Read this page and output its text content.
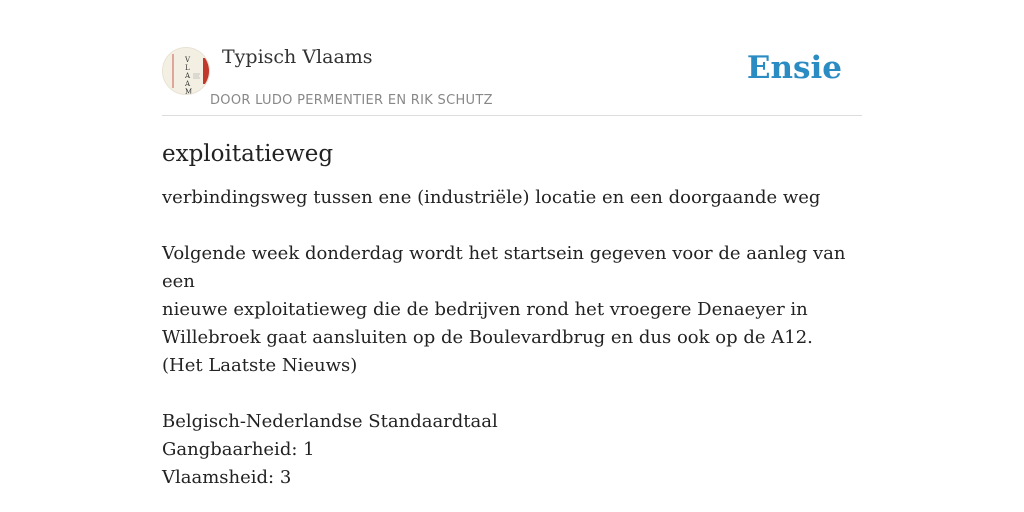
V
L
A
A
M
Typisch Vlaams
DOOR LUDO PERMENTIER EN RIK SCHUTZ
Ensie
exploitatieweg

verbindingsweg tussen ene (industriële) locatie en een doorgaande weg

Volgende week donderdag wordt het startsein gegeven voor de aanleg van een

nieuwe exploitatieweg die de bedrijven rond het vroegere Denaeyer in

Willebroek gaat aansluiten op de Boulevardbrug en dus ook op de A12.

(Het Laatste Nieuws)

Belgisch-Nederlandse Standaardtaal

Gangbaarheid: 1

Vlaamsheid: 3
